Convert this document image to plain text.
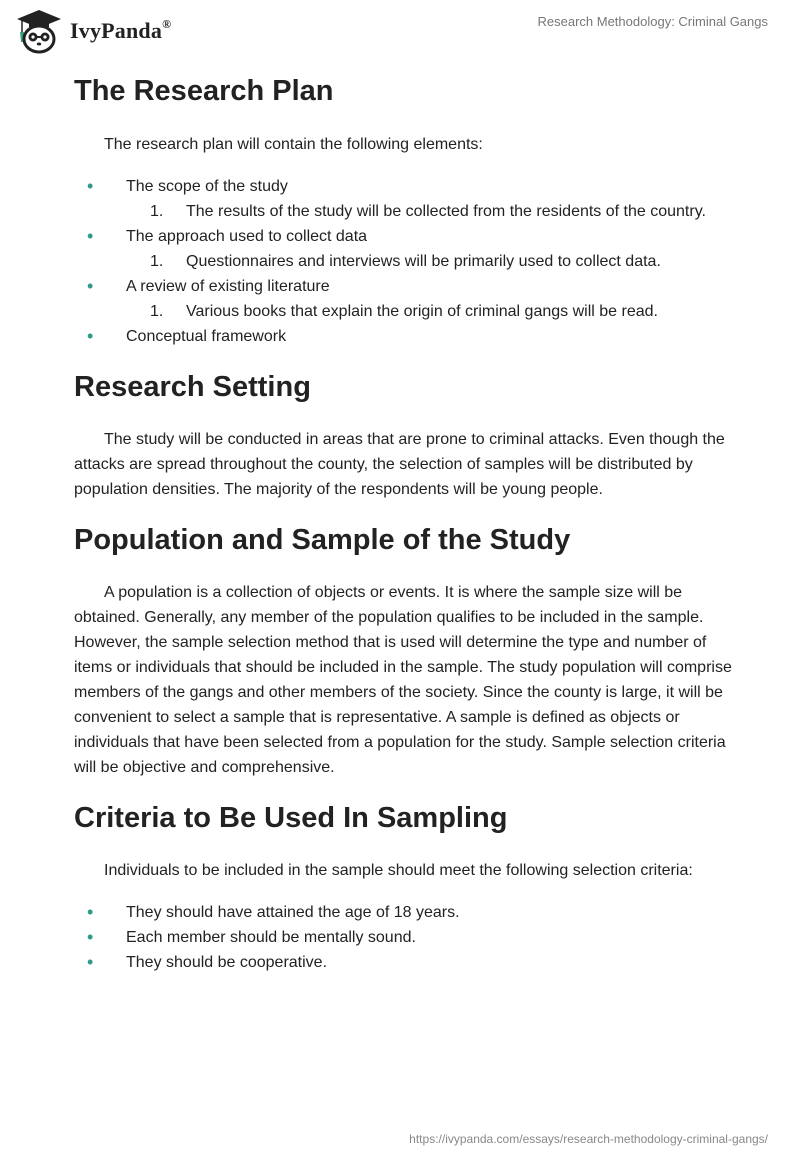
IvyPanda®	Research Methodology: Criminal Gangs
The Research Plan

The research plan will contain the following elements:

• The scope of the study
1. The results of the study will be collected from the residents of the country.
• The approach used to collect data
1. Questionnaires and interviews will be primarily used to collect data.
• A review of existing literature
1. Various books that explain the origin of criminal gangs will be read.
• Conceptual framework
Research Setting

The study will be conducted in areas that are prone to criminal attacks. Even though the attacks are spread throughout the county, the selection of samples will be distributed by population densities. The majority of the respondents will be young people.

Population and Sample of the Study

A population is a collection of objects or events. It is where the sample size will be obtained. Generally, any member of the population qualifies to be included in the sample. However, the sample selection method that is used will determine the type and number of items or individuals that should be included in the sample. The study population will comprise members of the gangs and other members of the society. Since the county is large, it will be convenient to select a sample that is representative. A sample is defined as objects or individuals that have been selected from a population for the study. Sample selection criteria will be objective and comprehensive.

Criteria to Be Used In Sampling

Individuals to be included in the sample should meet the following selection criteria:

• They should have attained the age of 18 years.
• Each member should be mentally sound.
• They should be cooperative.
https://ivypanda.com/essays/research-methodology-criminal-gangs/
